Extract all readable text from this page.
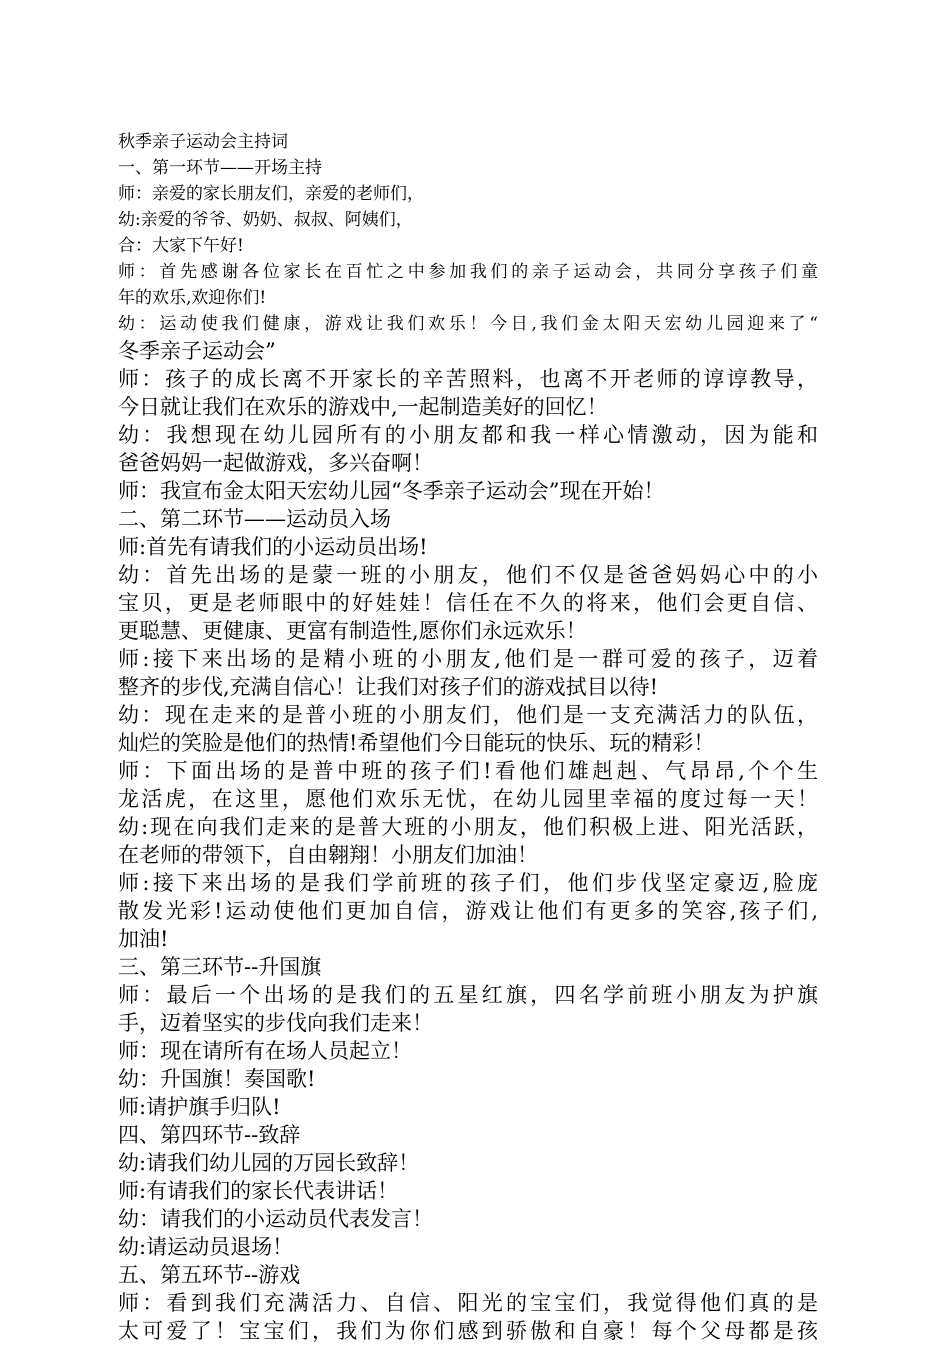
秋季亲子运动会主持词
一、第一环节——开场主持
师：亲爱的家长朋友们，亲爱的老师们，
幼:亲爱的爷爷、奶奶、叔叔、阿姨们，
合：大家下午好!
师：首先感谢各位家长在百忙之中参加我们的亲子运动会，共同分享孩子们童
年的欢乐,欢迎你们!
幼：运动使我们健康，游戏让我们欢乐！今日,我们金太阳天宏幼儿园迎来了“
冬季亲子运动会”
师：孩子的成长离不开家长的辛苦照料，也离不开老师的谆谆教导，
今日就让我们在欢乐的游戏中,一起制造美好的回忆！
幼：我想现在幼儿园所有的小朋友都和我一样心情激动，因为能和
爸爸妈妈一起做游戏，多兴奋啊！
师：我宣布金太阳天宏幼儿园“冬季亲子运动会”现在开始！
二、第二环节——运动员入场
师:首先有请我们的小运动员出场!
幼：首先出场的是蒙一班的小朋友，他们不仅是爸爸妈妈心中的小
宝贝，更是老师眼中的好娃娃！信任在不久的将来，他们会更自信、
更聪慧、更健康、更富有制造性,愿你们永远欢乐！
师:接下来出场的是精小班的小朋友,他们是一群可爱的孩子，迈着
整齐的步伐,充满自信心！让我们对孩子们的游戏拭目以待!
幼：现在走来的是普小班的小朋友们，他们是一支充满活力的队伍，
灿烂的笑脸是他们的热情!希望他们今日能玩的快乐、玩的精彩！
师：下面出场的是普中班的孩子们!看他们雄赳赳、气昂昂,个个生
龙活虎，在这里，愿他们欢乐无忧，在幼儿园里幸福的度过每一天！
幼:现在向我们走来的是普大班的小朋友，他们积极上进、阳光活跃，
在老师的带领下，自由翱翔！小朋友们加油！
师:接下来出场的是我们学前班的孩子们，他们步伐坚定豪迈,脸庞
散发光彩!运动使他们更加自信，游戏让他们有更多的笑容,孩子们,
加油!
三、第三环节--升国旗
师：最后一个出场的是我们的五星红旗，四名学前班小朋友为护旗
手，迈着坚实的步伐向我们走来！
师：现在请所有在场人员起立！
幼：升国旗！奏国歌!
师:请护旗手归队!
四、第四环节--致辞
幼:请我们幼儿园的万园长致辞！
师:有请我们的家长代表讲话！
幼：请我们的小运动员代表发言！
幼:请运动员退场！
五、第五环节--游戏
师：看到我们充满活力、自信、阳光的宝宝们，我觉得他们真的是
太可爱了！宝宝们，我们为你们感到骄傲和自豪！每个父母都是孩
